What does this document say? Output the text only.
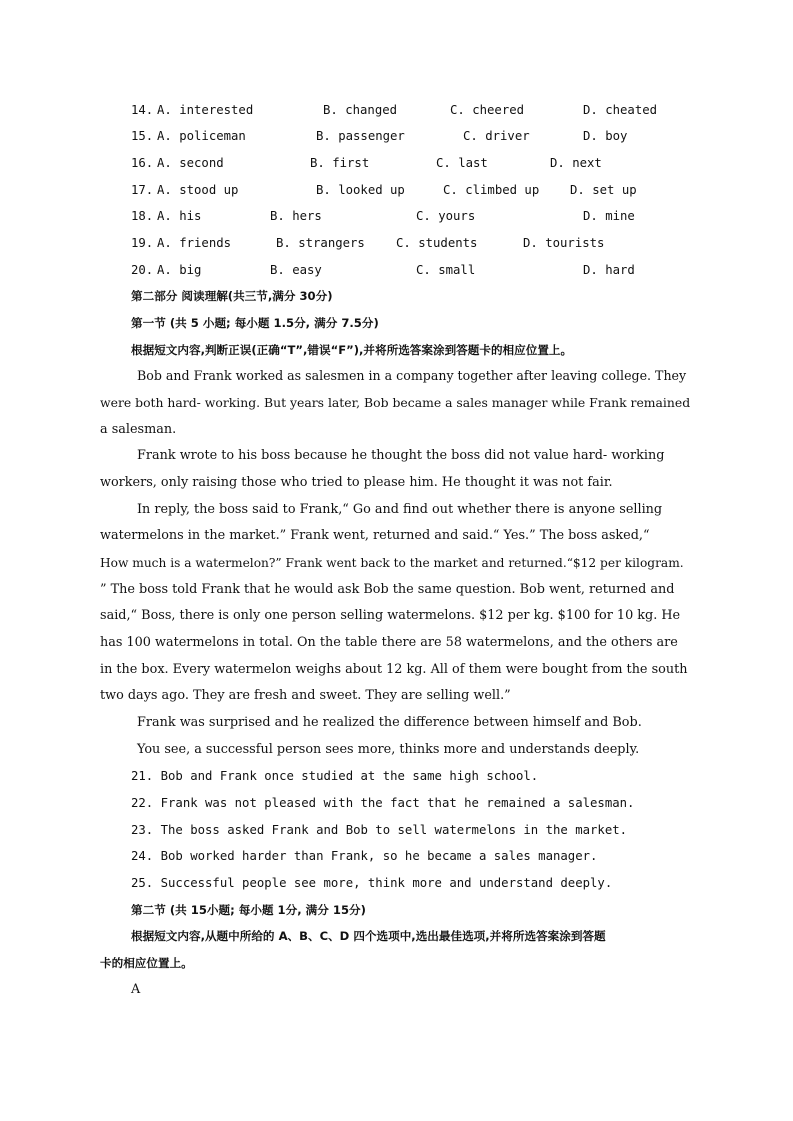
14. A. interested	B. changed	C. cheered	D. cheated
15. A. policeman	B. passenger	C. driver	D. boy
16. A. second	B. first	C. last	D. next
17. A. stood up	B. looked up	C. climbed up	D. set up
18. A. his	B. hers	C. yours	D. mine
19. A. friends	B. strangers	C. students	D. tourists
20. A. big	B. easy	C. small	D. hard
第二部分 阅读理解(共三节,满分 30分)
第一节 (共 5 小题; 每小题 1.5分, 满分 7.5分)
根据短文内容,判断正误(正确“T”,错误“F”),并将所选答案涂到答题卡的相应位置上。
Bob and Frank worked as salesmen in a company together after leaving college. They
were both hard- working. But years later, Bob became a sales manager while Frank remained
a salesman.
Frank wrote to his boss because he thought the boss did not value hard- working
workers, only raising those who tried to please him. He thought it was not fair.
In reply, the boss said to Frank,“ Go and find out whether there is anyone selling
watermelons in the market.” Frank went, returned and said.“ Yes.” The boss asked,“
How much is a watermelon?” Frank went back to the market and returned.“$12 per kilogram.
” The boss told Frank that he would ask Bob the same question. Bob went, returned and
said,“ Boss, there is only one person selling watermelons. $12 per kg. $100 for 10 kg. He
has 100 watermelons in total. On the table there are 58 watermelons, and the others are
in the box. Every watermelon weighs about 12 kg. All of them were bought from the south
two days ago. They are fresh and sweet. They are selling well.”
Frank was surprised and he realized the difference between himself and Bob.
You see, a successful person sees more, thinks more and understands deeply.
21. Bob and Frank once studied at the same high school.
22. Frank was not pleased with the fact that he remained a salesman.
23. The boss asked Frank and Bob to sell watermelons in the market.
24. Bob worked harder than Frank, so he became a sales manager.
25. Successful people see more, think more and understand deeply.
第二节 (共 15小题; 每小题 1分, 满分 15分)
根据短文内容,从题中所给的 A、B、C、D 四个选项中,选出最佳选项,并将所选答案涂到答题
卡的相应位置上。
A
